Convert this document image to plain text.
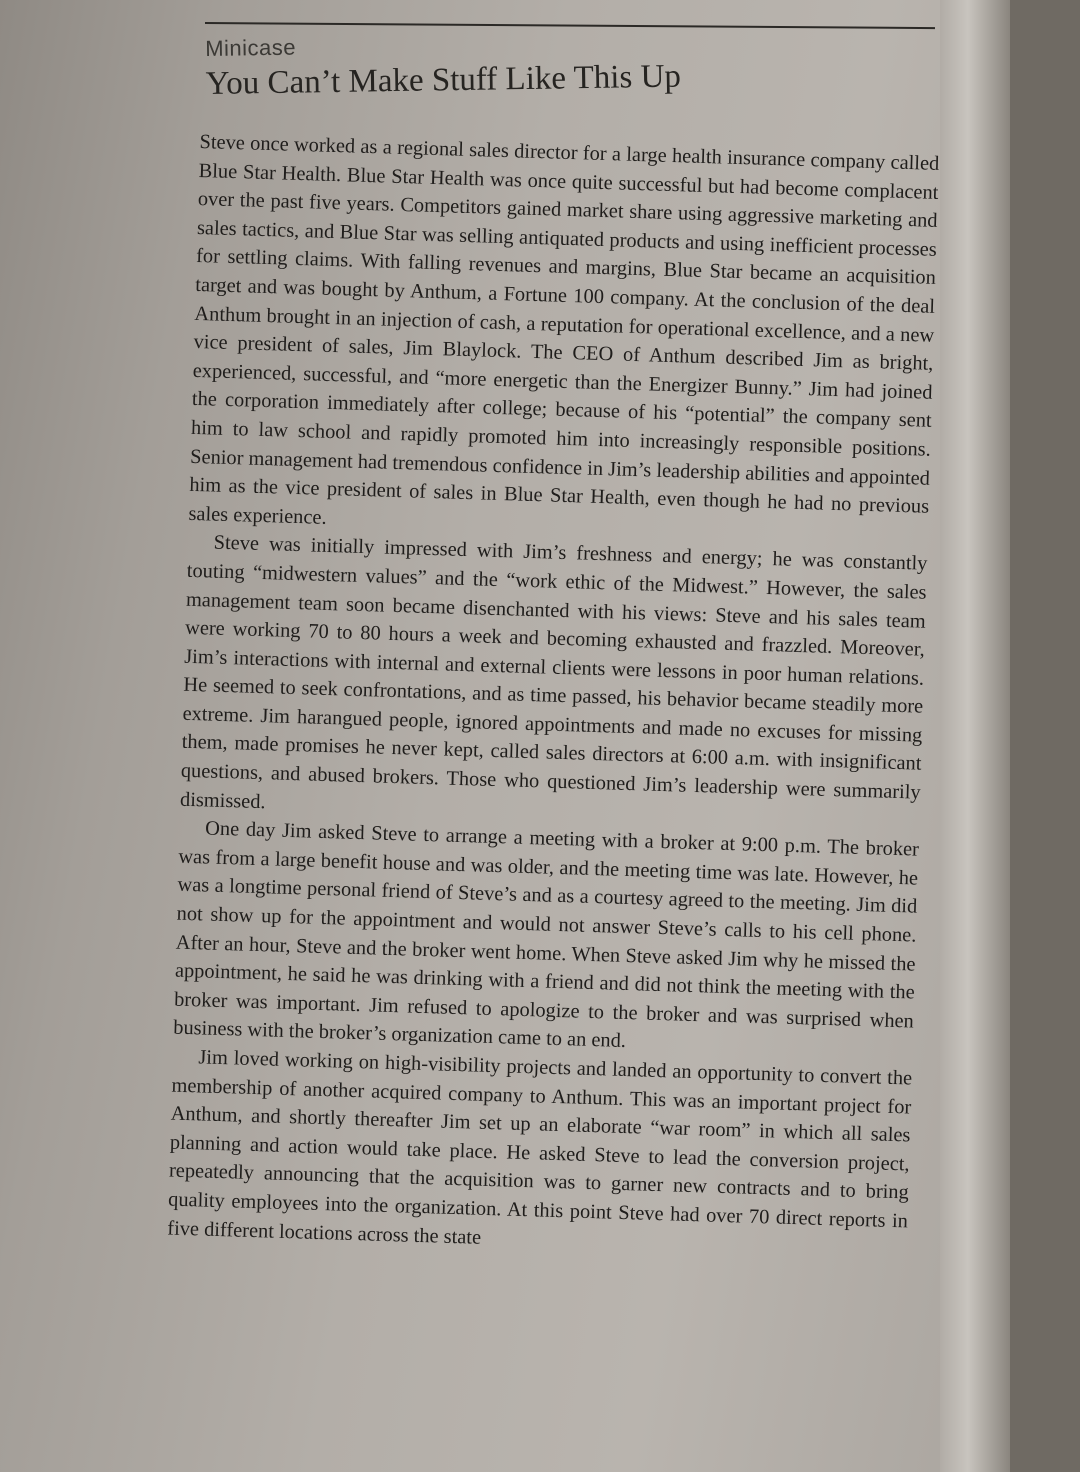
Minicase
You Can’t Make Stuff Like This Up

Steve once worked as a regional sales director for a large health insurance company called Blue Star Health. Blue Star Health was once quite successful but had become complacent over the past five years. Competitors gained market share using aggressive marketing and sales tactics, and Blue Star was selling antiquated products and using inefficient processes for settling claims. With falling revenues and margins, Blue Star became an acquisition target and was bought by Anthum, a Fortune 100 company. At the conclusion of the deal Anthum brought in an injection of cash, a reputation for operational excellence, and a new vice president of sales, Jim Blaylock. The CEO of Anthum described Jim as bright, experienced, successful, and “more energetic than the Energizer Bunny.” Jim had joined the corporation immediately after college; because of his “potential” the company sent him to law school and rapidly promoted him into increasingly responsible positions. Senior management had tremendous confidence in Jim’s leadership abilities and appointed him as the vice president of sales in Blue Star Health, even though he had no previous sales experience.

Steve was initially impressed with Jim’s freshness and energy; he was constantly touting “midwestern values” and the “work ethic of the Midwest.” However, the sales management team soon became disenchanted with his views: Steve and his sales team were working 70 to 80 hours a week and becoming exhausted and frazzled. Moreover, Jim’s interactions with internal and external clients were lessons in poor human relations. He seemed to seek confrontations, and as time passed, his behavior became steadily more extreme. Jim harangued people, ignored appointments and made no excuses for missing them, made promises he never kept, called sales directors at 6:00 a.m. with insignificant questions, and abused brokers. Those who questioned Jim’s leadership were summarily dismissed.

One day Jim asked Steve to arrange a meeting with a broker at 9:00 p.m. The broker was from a large benefit house and was older, and the meeting time was late. However, he was a longtime personal friend of Steve’s and as a courtesy agreed to the meeting. Jim did not show up for the appointment and would not answer Steve’s calls to his cell phone. After an hour, Steve and the broker went home. When Steve asked Jim why he missed the appointment, he said he was drinking with a friend and did not think the meeting with the broker was important. Jim refused to apologize to the broker and was surprised when business with the broker’s organization came to an end.

Jim loved working on high-visibility projects and landed an opportunity to convert the membership of another acquired company to Anthum. This was an important project for Anthum, and shortly thereafter Jim set up an elaborate “war room” in which all sales planning and action would take place. He asked Steve to lead the conversion project, repeatedly announcing that the acquisition was to garner new contracts and to bring quality employees into the organization. At this point Steve had over 70 direct reports in five different locations across the state
